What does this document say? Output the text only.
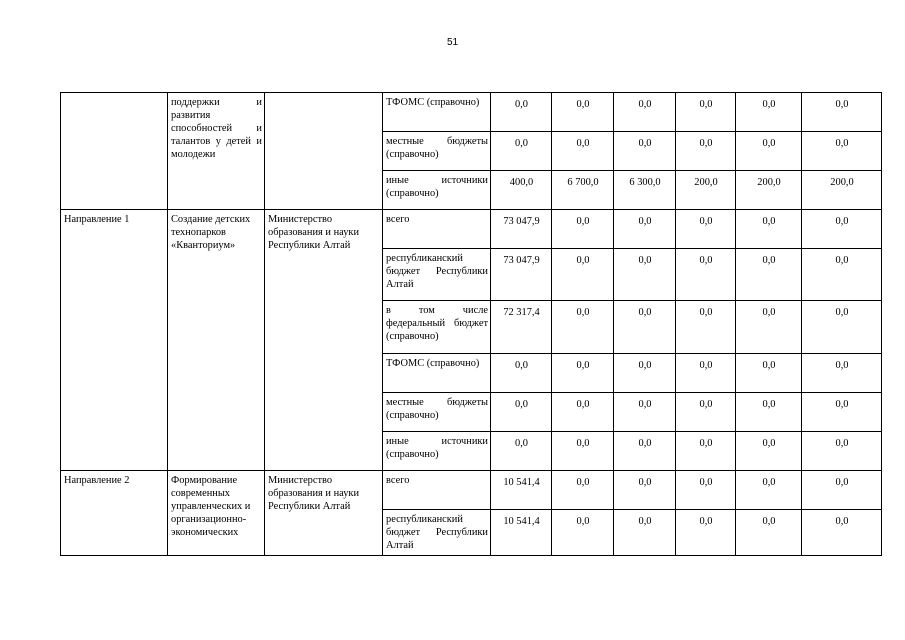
51
	поддержки и развития способностей и талантов у детей и молодежи		ТФОМС (справочно)	0,0	0,0	0,0	0,0	0,0	0,0
			местные бюджеты (справочно)	0,0	0,0	0,0	0,0	0,0	0,0
			иные источники (справочно)	400,0	6 700,0	6 300,0	200,0	200,0	200,0
Направление 1	Создание детских технопарков «Кванториум»	Министерство образования и науки Республики Алтай	всего	73 047,9	0,0	0,0	0,0	0,0	0,0
			республиканский бюджет Республики Алтай	73 047,9	0,0	0,0	0,0	0,0	0,0
			в том числе федеральный бюджет (справочно)	72 317,4	0,0	0,0	0,0	0,0	0,0
			ТФОМС (справочно)	0,0	0,0	0,0	0,0	0,0	0,0
			местные бюджеты (справочно)	0,0	0,0	0,0	0,0	0,0	0,0
			иные источники (справочно)	0,0	0,0	0,0	0,0	0,0	0,0
Направление 2	Формирование современных управленческих и организационно-экономических	Министерство образования и науки Республики Алтай	всего	10 541,4	0,0	0,0	0,0	0,0	0,0
			республиканский бюджет Республики Алтай	10 541,4	0,0	0,0	0,0	0,0	0,0
